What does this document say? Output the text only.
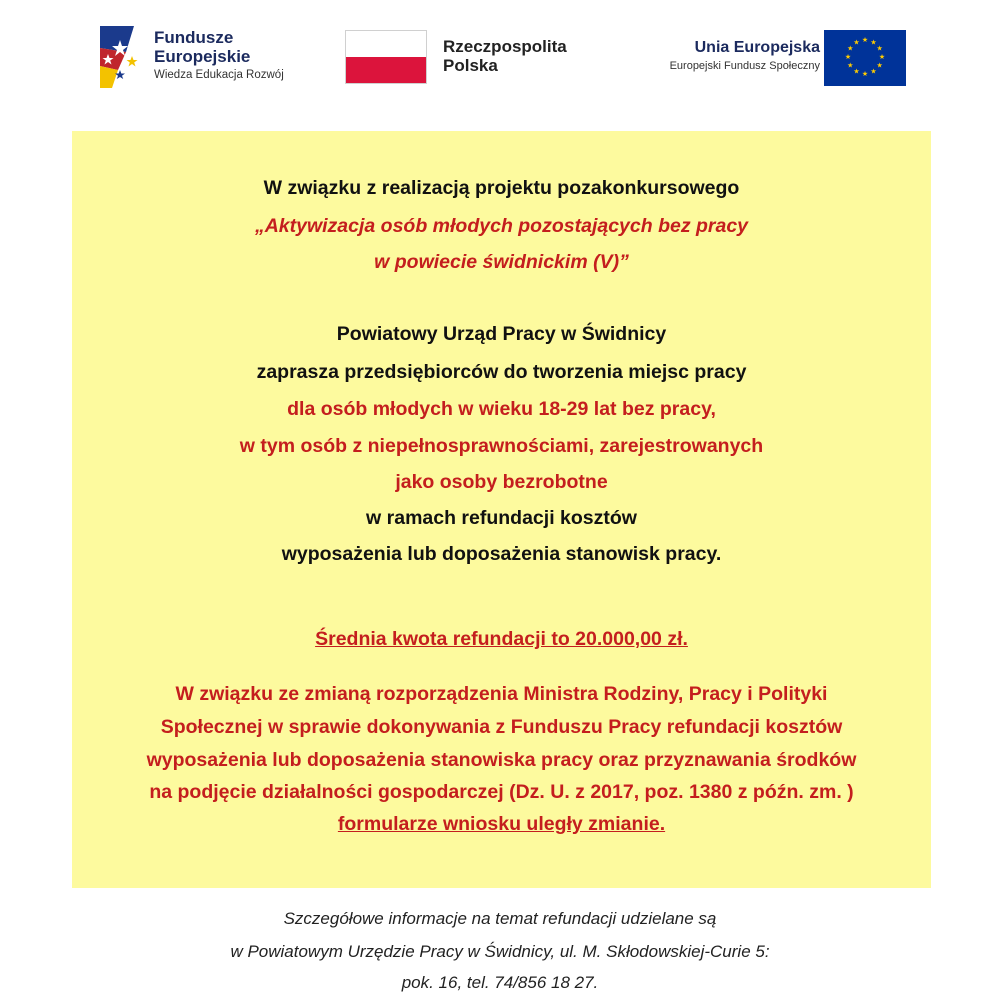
Fundusze
Europejskie
Wiedza Edukacja Rozwój
Rzeczpospolita
Polska
Unia Europejska
Europejski Fundusz Społeczny
★ ★
★
★
★
★
★
★
★
★
★
★
W związku z realizacją projektu pozakonkursowego
„Aktywizacja osób młodych pozostających bez pracy
w powiecie świdnickim (V)”
Powiatowy Urząd Pracy w Świdnicy
zaprasza przedsiębiorców do tworzenia miejsc pracy
dla osób młodych w wieku 18-29 lat bez pracy,
w tym osób z niepełnosprawnościami, zarejestrowanych
jako osoby bezrobotne
w ramach refundacji kosztów
wyposażenia lub doposażenia stanowisk pracy.
Średnia kwota refundacji to 20.000,00 zł.
W związku ze zmianą rozporządzenia Ministra Rodziny, Pracy i Polityki
Społecznej w sprawie dokonywania z Funduszu Pracy refundacji kosztów
wyposażenia lub doposażenia stanowiska pracy oraz przyznawania środków
na podjęcie działalności gospodarczej (Dz. U. z 2017, poz. 1380 z późn. zm. )
formularze wniosku uległy zmianie.
Szczegółowe informacje na temat refundacji udzielane są
w Powiatowym Urzędzie Pracy w Świdnicy, ul. M. Skłodowskiej-Curie 5:
pok. 16, tel. 74/856 18 27.
